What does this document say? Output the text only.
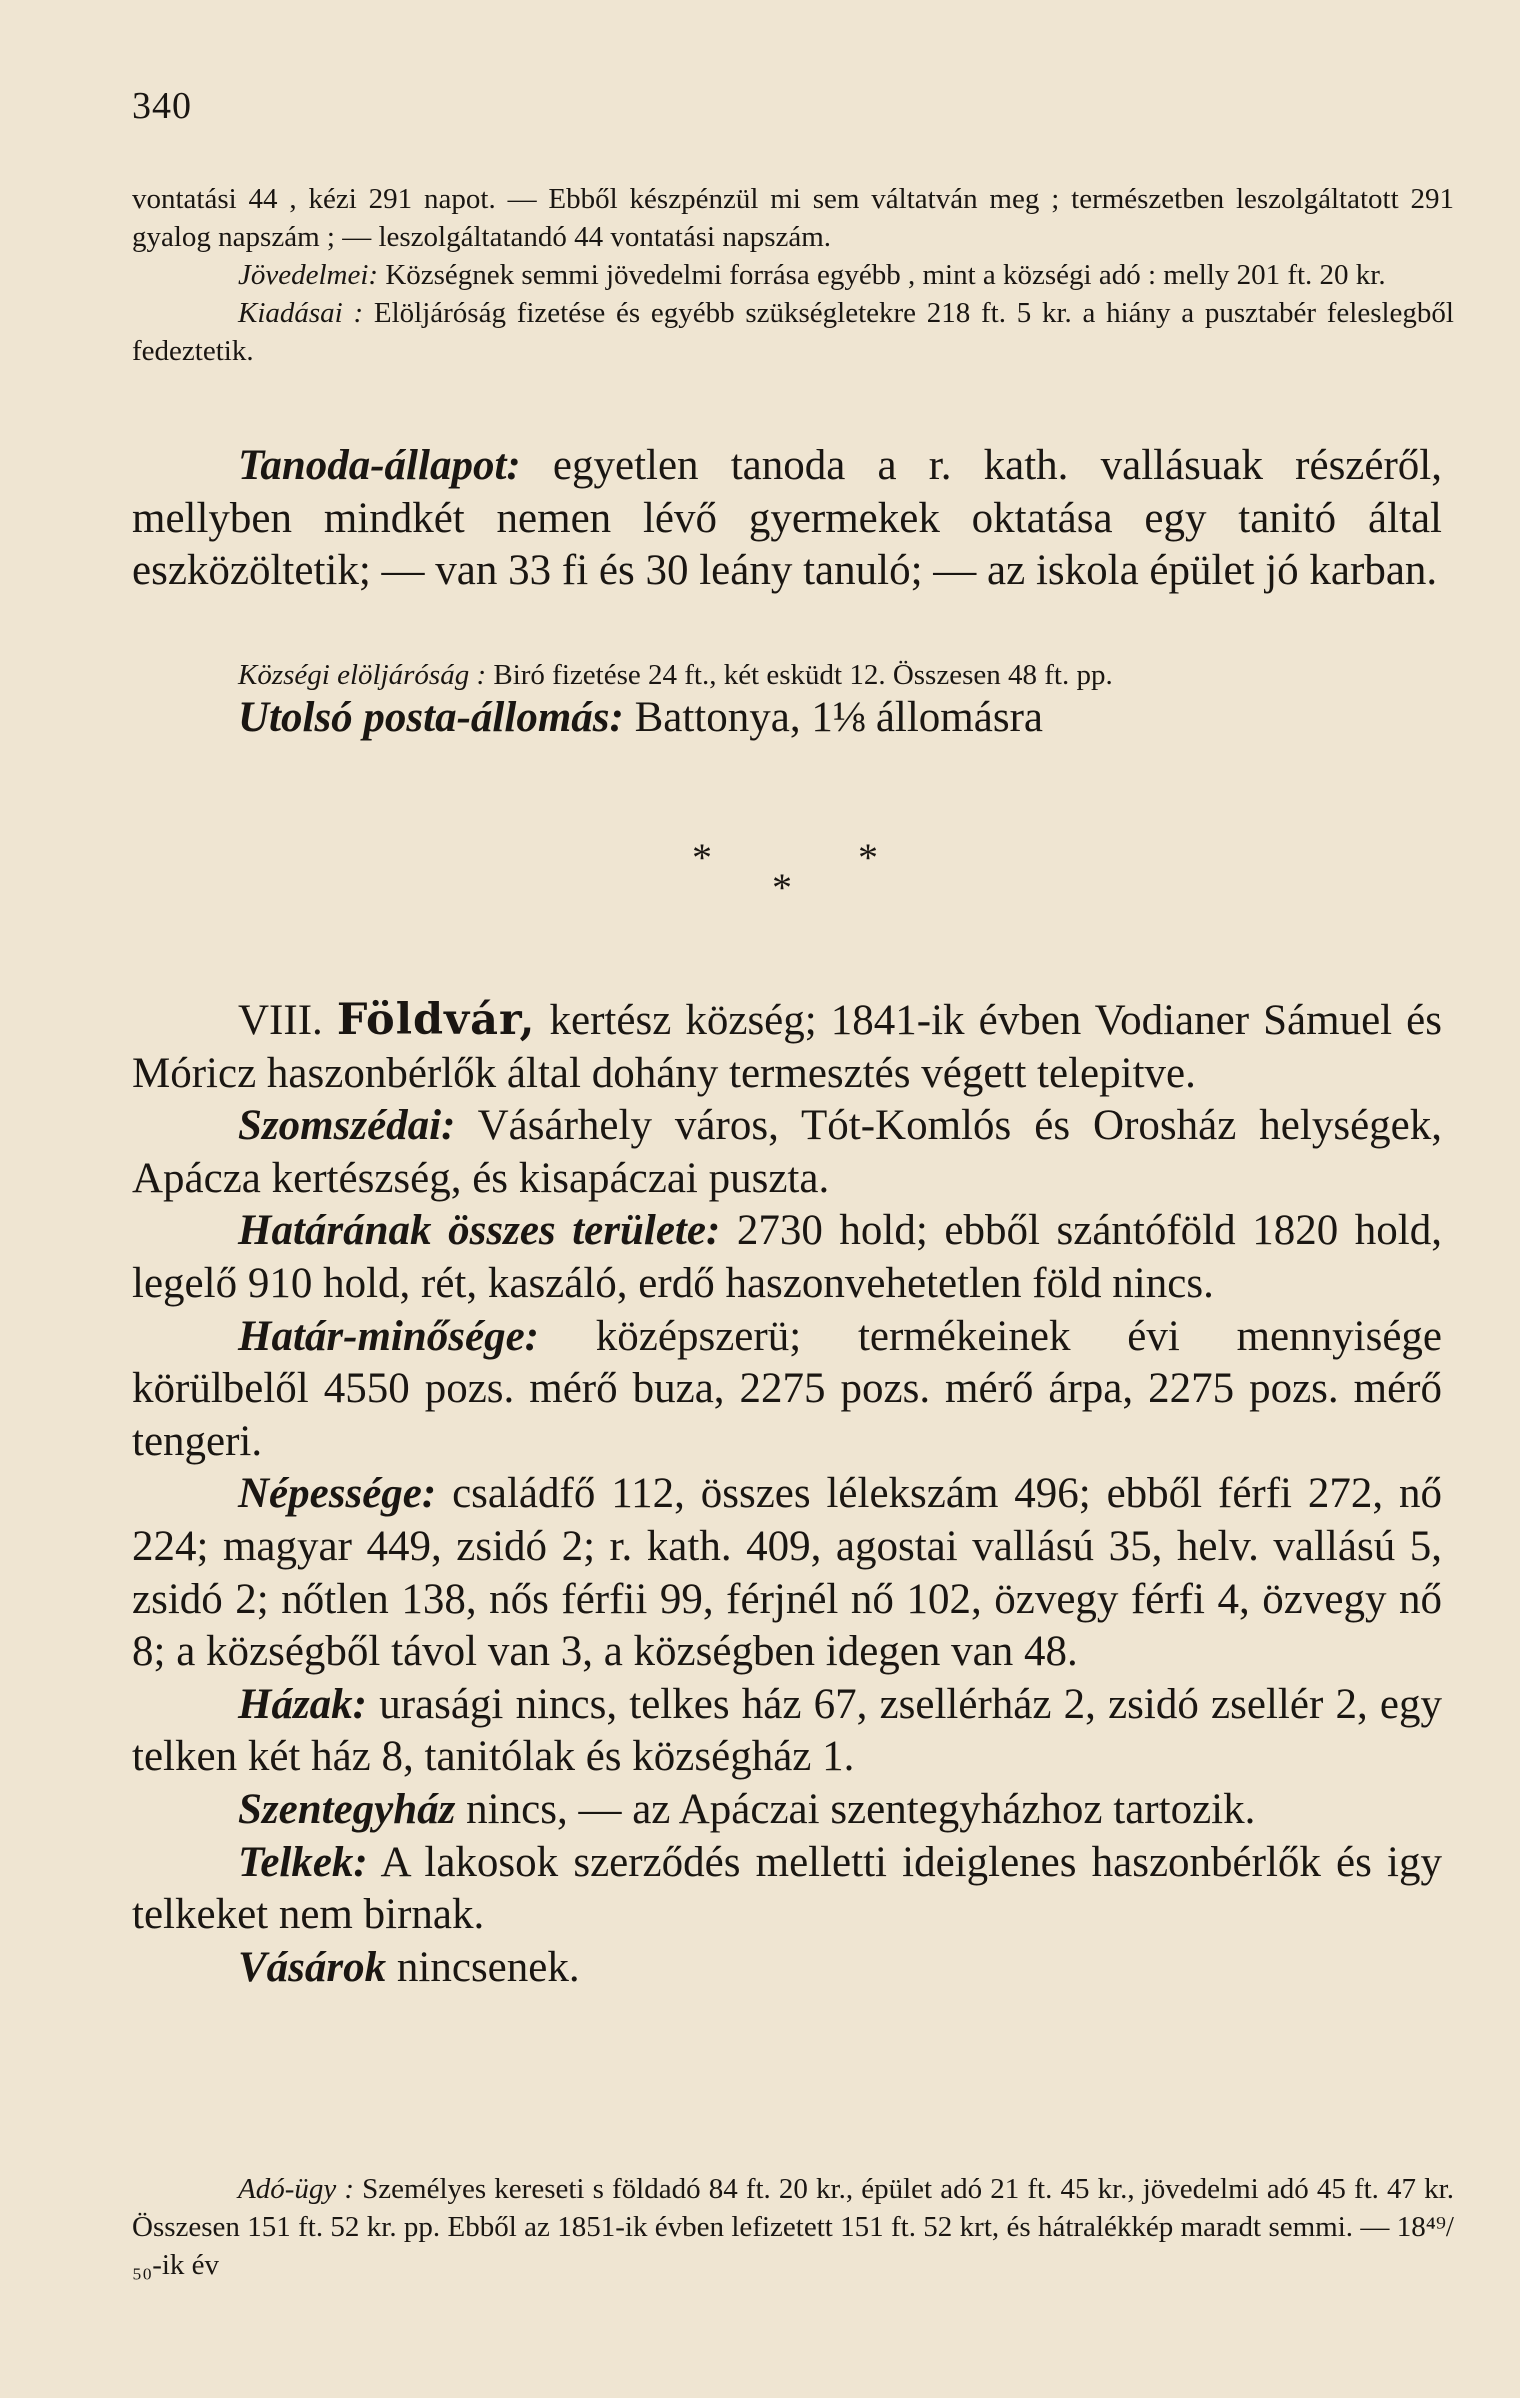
340

vontatási 44 , kézi 291 napot. — Ebből készpénzül mi sem váltatván meg ; természetben leszolgáltatott 291 gyalog napszám ; — leszolgáltatandó 44 vontatási napszám.

Jövedelmei: Községnek semmi jövedelmi forrása egyébb , mint a községi adó : melly 201 ft. 20 kr.

Kiadásai : Elöljáróság fizetése és egyébb szükségletekre 218 ft. 5 kr. a hiány a pusztabér feleslegből fedeztetik.

Tanoda-állapot: egyetlen tanoda a r. kath. vallásuak részéről, mellyben mindkét nemen lévő gyermekek oktatása egy tanitó által eszközöltetik; — van 33 fi és 30 leány tanuló; — az iskola épület jó karban.

Községi elöljáróság : Biró fizetése 24 ft., két esküdt 12. Összesen 48 ft. pp.

Utolsó posta-állomás: Battonya, 1⅛ állomásra

*	*
*

VIII. Földvár, kertész község; 1841-ik évben Vodianer Sámuel és Móricz haszonbérlők által dohány termesztés végett telepitve.

Szomszédai: Vásárhely város, Tót-Komlós és Orosház helységek, Apácza kertészség, és kisapáczai puszta.

Határának összes területe: 2730 hold; ebből szántóföld 1820 hold, legelő 910 hold, rét, kaszáló, erdő haszonvehetetlen föld nincs.

Határ-minősége: középszerü; termékeinek évi mennyisége körülbelől 4550 pozs. mérő buza, 2275 pozs. mérő árpa, 2275 pozs. mérő tengeri.

Népessége: családfő 112, összes lélekszám 496; ebből férfi 272, nő 224; magyar 449, zsidó 2; r. kath. 409, agostai vallású 35, helv. vallású 5, zsidó 2; nőtlen 138, nős férfii 99, férjnél nő 102, özvegy férfi 4, özvegy nő 8; a községből távol van 3, a községben idegen van 48.

Házak: urasági nincs, telkes ház 67, zsellérház 2, zsidó zsellér 2, egy telken két ház 8, tanitólak és községház 1.

Szentegyház nincs, — az Apáczai szentegyházhoz tartozik.

Telkek: A lakosok szerződés melletti ideiglenes haszonbérlők és igy telkeket nem birnak.

Vásárok nincsenek.

Adó-ügy : Személyes kereseti s földadó 84 ft. 20 kr., épület adó 21 ft. 45 kr., jövedelmi adó 45 ft. 47 kr. Összesen 151 ft. 52 kr. pp. Ebből az 1851-ik évben lefizetett 151 ft. 52 krt, és hátralékkép maradt semmi. — 18⁴⁹/₅₀-ik év
